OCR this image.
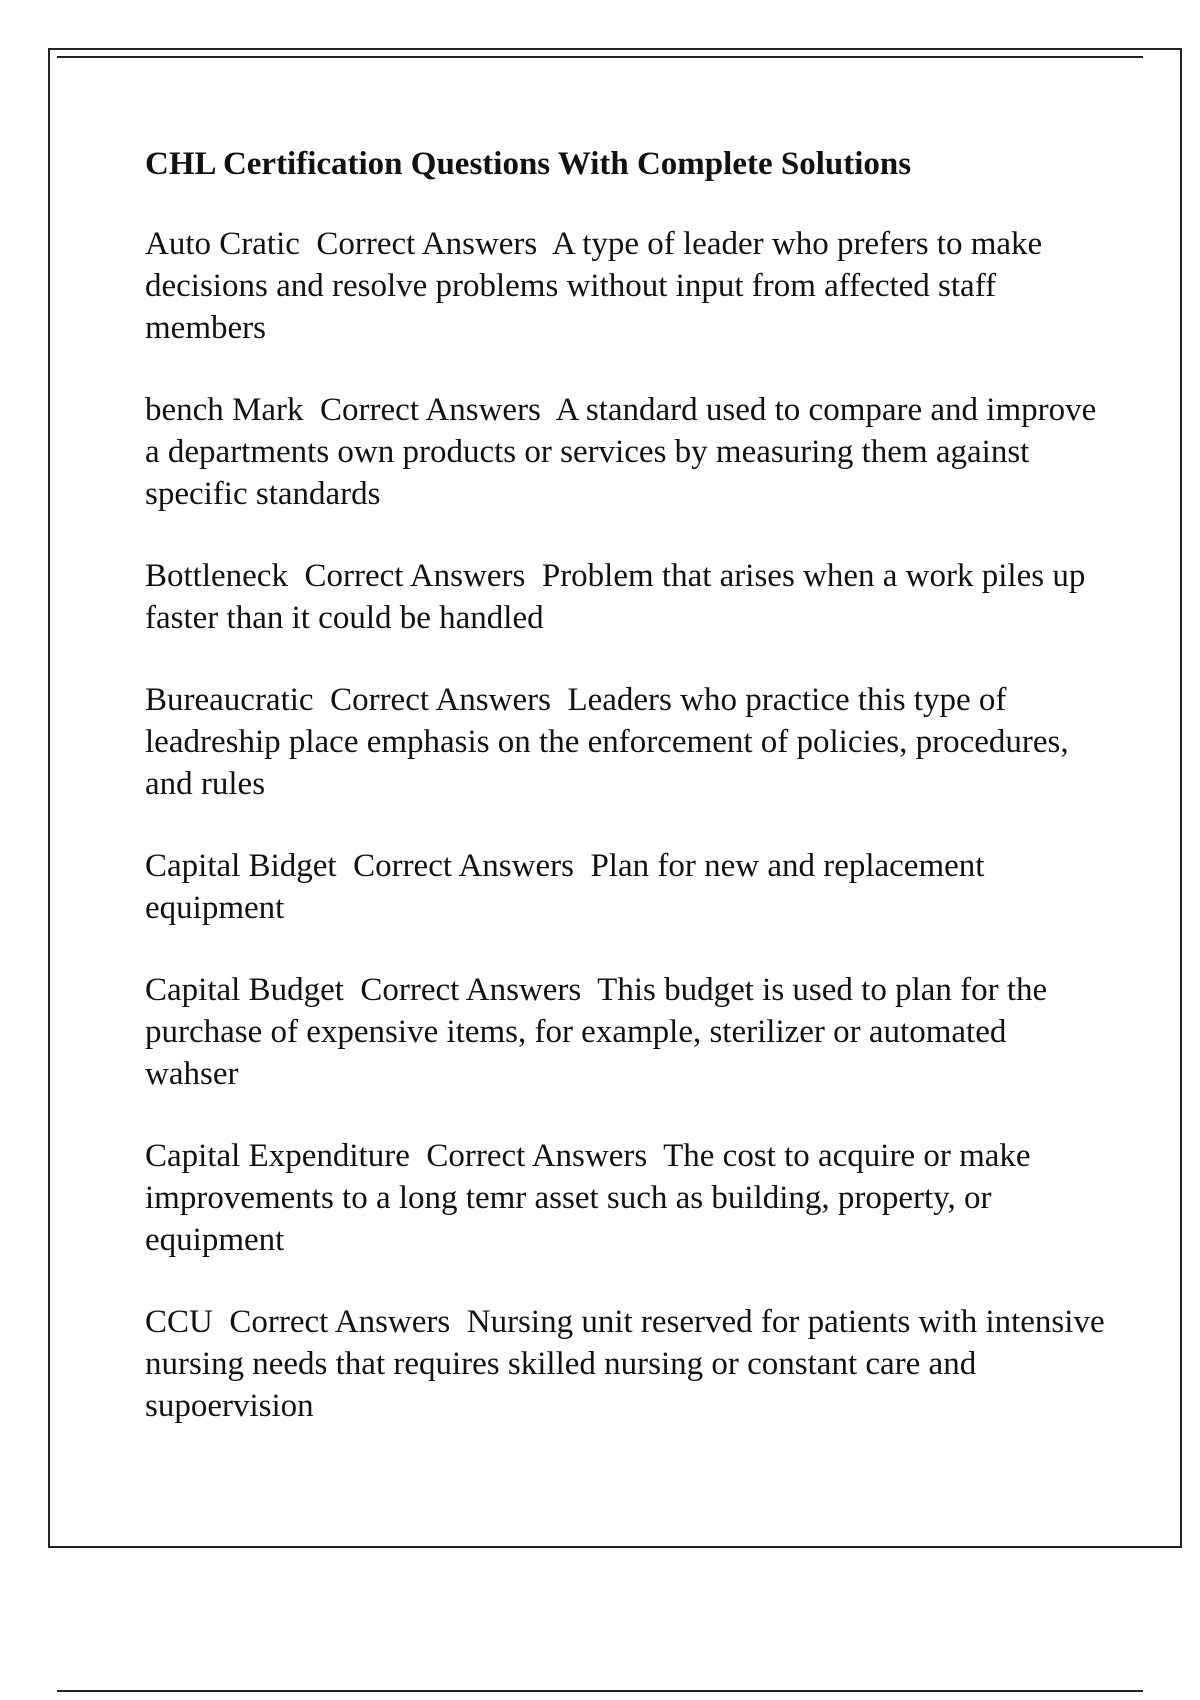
CHL Certification Questions With Complete Solutions

Auto Cratic Correct Answers A type of leader who prefers to make decisions and resolve problems without input from affected staff members

bench Mark Correct Answers A standard used to compare and improve a departments own products or services by measuring them against specific standards

Bottleneck Correct Answers Problem that arises when a work piles up faster than it could be handled

Bureaucratic Correct Answers Leaders who practice this type of leadreship place emphasis on the enforcement of policies, procedures, and rules

Capital Bidget Correct Answers Plan for new and replacement equipment

Capital Budget Correct Answers This budget is used to plan for the purchase of expensive items, for example, sterilizer or automated wahser

Capital Expenditure Correct Answers The cost to acquire or make improvements to a long temr asset such as building, property, or equipment

CCU Correct Answers Nursing unit reserved for patients with intensive nursing needs that requires skilled nursing or constant care and supoervision
